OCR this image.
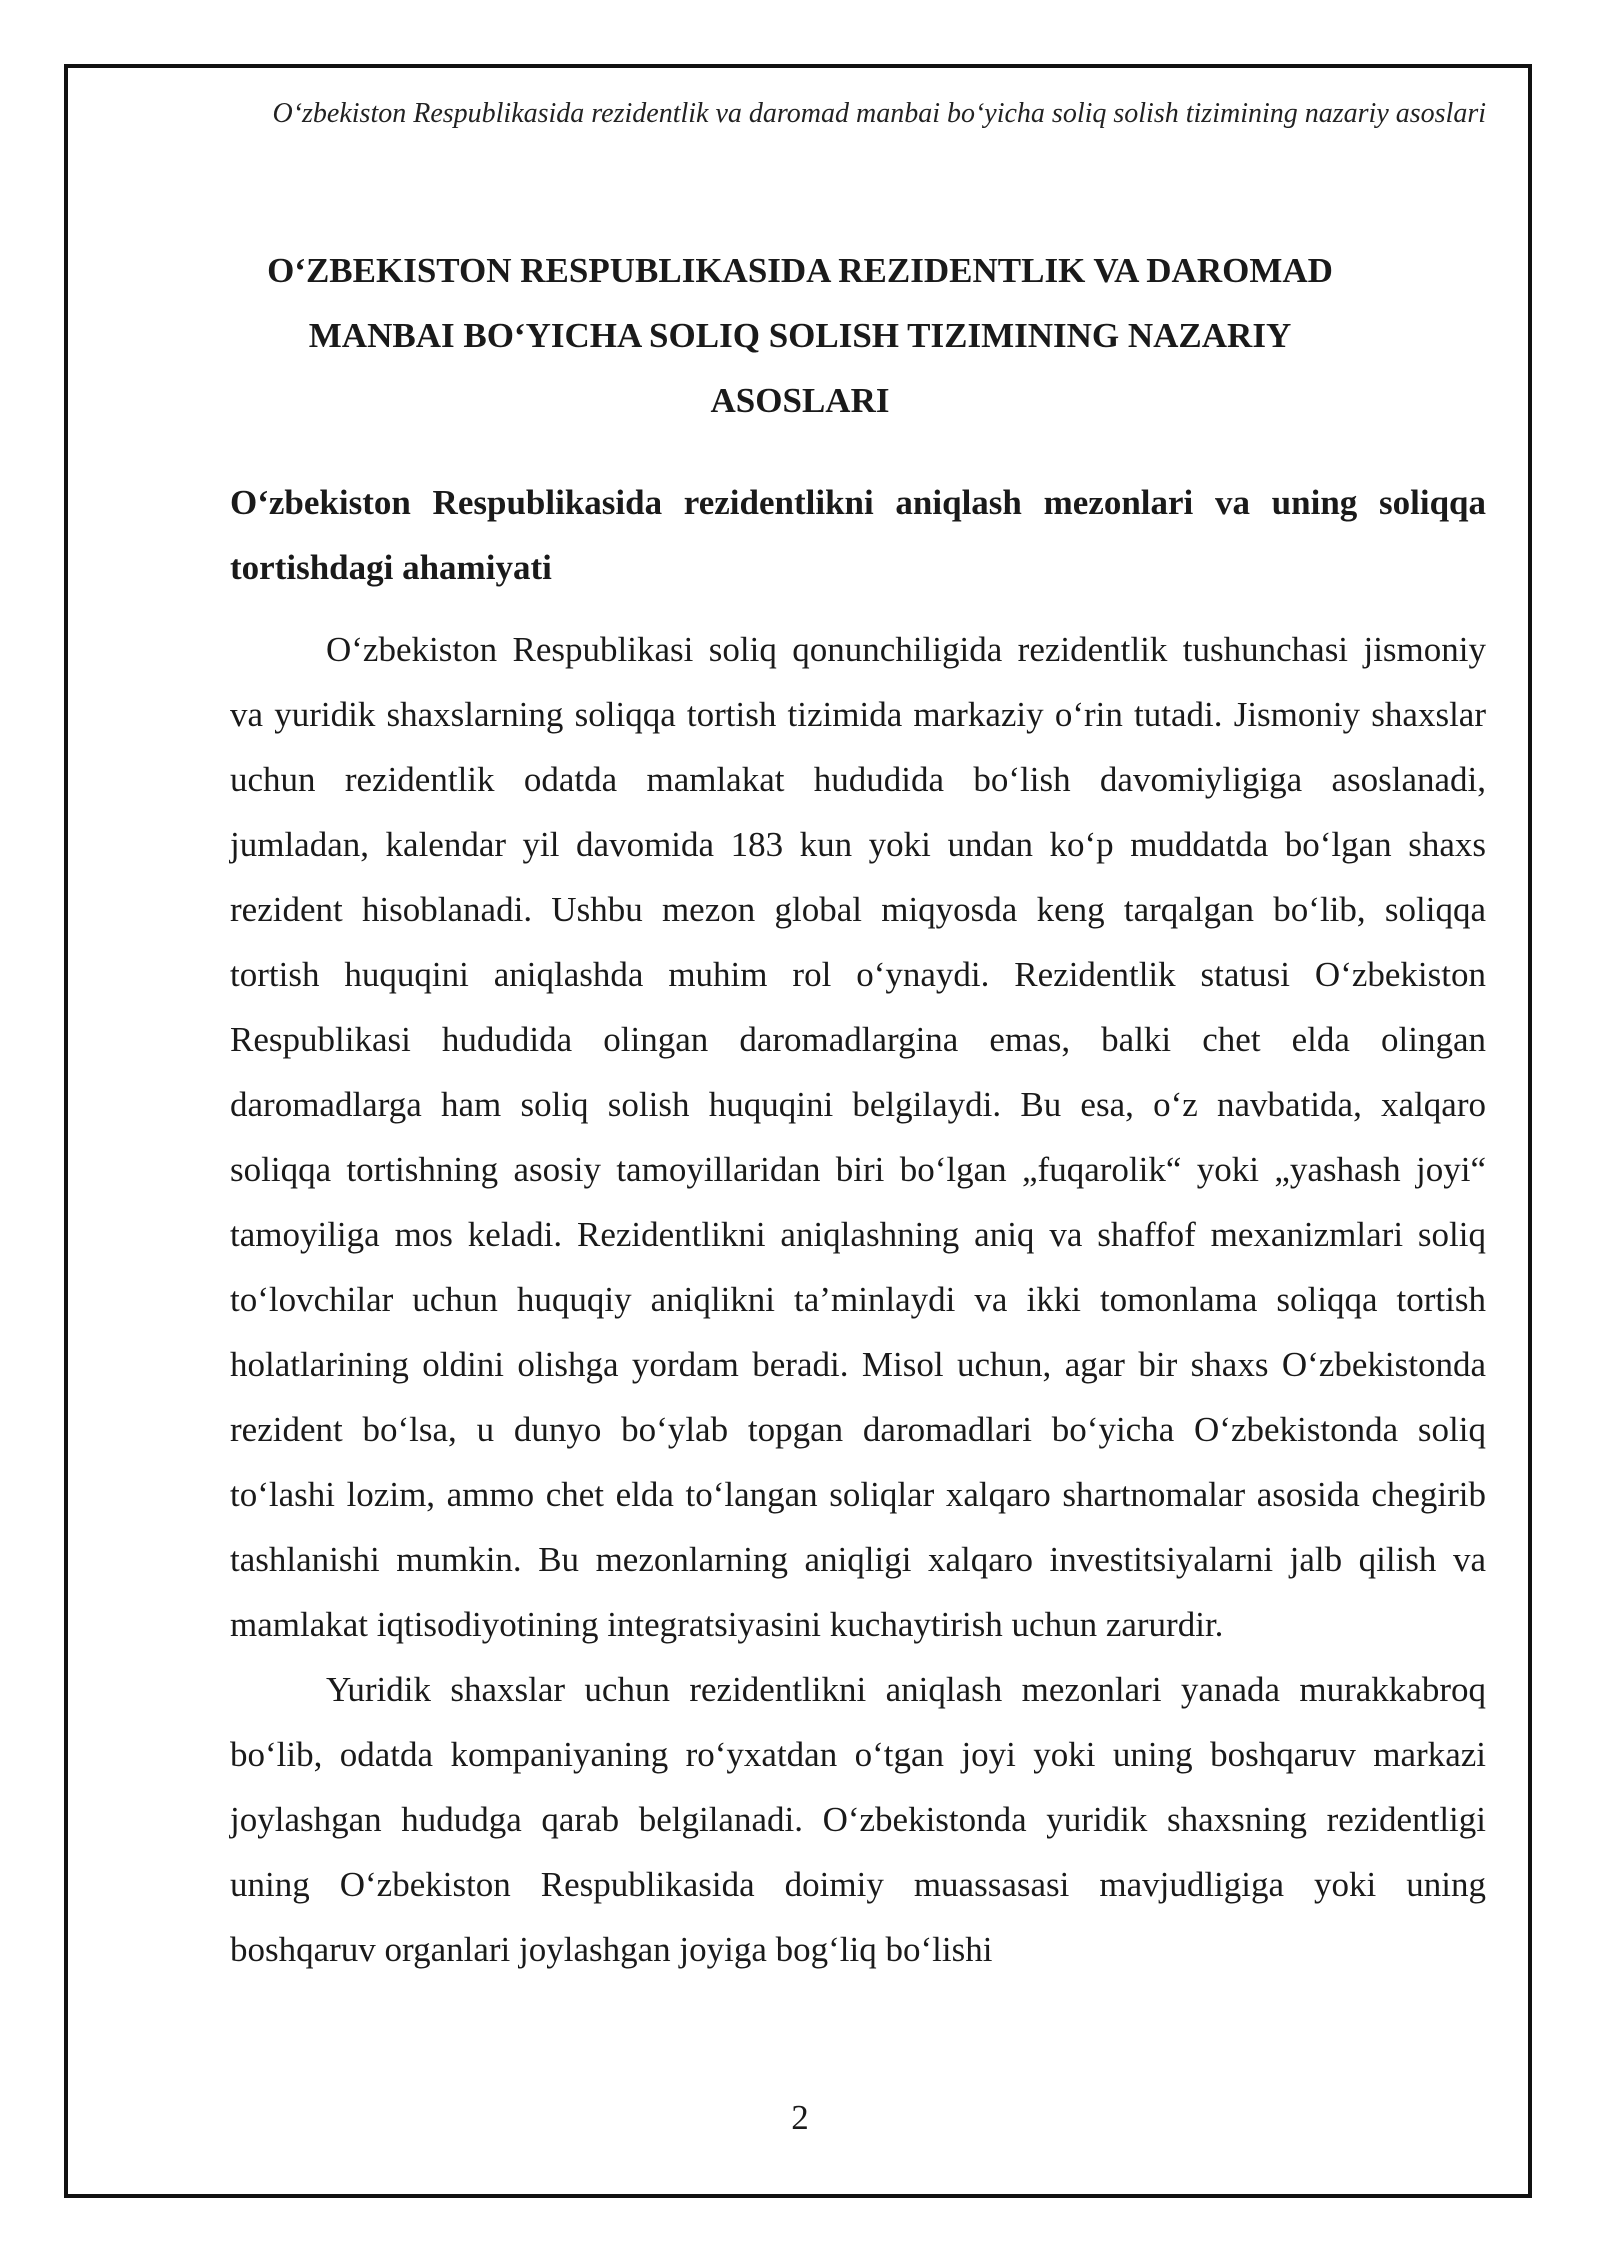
O‘zbekiston Respublikasida rezidentlik va daromad manbai bo‘yicha soliq solish tizimining nazariy asoslari
O‘ZBEKISTON RESPUBLIKASIDA REZIDENTLIK VA DAROMAD MANBAI BO‘YICHA SOLIQ SOLISH TIZIMINING NAZARIY ASOSLARI
O‘zbekiston Respublikasida rezidentlikni aniqlash mezonlari va uning soliqqa tortishdagi ahamiyati

O‘zbekiston Respublikasi soliq qonunchiligida rezidentlik tushunchasi jismoniy va yuridik shaxslarning soliqqa tortish tizimida markaziy o‘rin tutadi. Jismoniy shaxslar uchun rezidentlik odatda mamlakat hududida bo‘lish davomiyligiga asoslanadi, jumladan, kalendar yil davomida 183 kun yoki undan ko‘p muddatda bo‘lgan shaxs rezident hisoblanadi. Ushbu mezon global miqyosda keng tarqalgan bo‘lib, soliqqa tortish huquqini aniqlashda muhim rol o‘ynaydi. Rezidentlik statusi O‘zbekiston Respublikasi hududida olingan daromadlargina emas, balki chet elda olingan daromadlarga ham soliq solish huquqini belgilaydi. Bu esa, o‘z navbatida, xalqaro soliqqa tortishning asosiy tamoyillaridan biri bo‘lgan „fuqarolik“ yoki „yashash joyi“ tamoyiliga mos keladi. Rezidentlikni aniqlashning aniq va shaffof mexanizmlari soliq to‘lovchilar uchun huquqiy aniqlikni ta’minlaydi va ikki tomonlama soliqqa tortish holatlarining oldini olishga yordam beradi. Misol uchun, agar bir shaxs O‘zbekistonda rezident bo‘lsa, u dunyo bo‘ylab topgan daromadlari bo‘yicha O‘zbekistonda soliq to‘lashi lozim, ammo chet elda to‘langan soliqlar xalqaro shartnomalar asosida chegirib tashlanishi mumkin. Bu mezonlarning aniqligi xalqaro investitsiyalarni jalb qilish va mamlakat iqtisodiyotining integratsiyasini kuchaytirish uchun zarurdir.

Yuridik shaxslar uchun rezidentlikni aniqlash mezonlari yanada murakkabroq bo‘lib, odatda kompaniyaning ro‘yxatdan o‘tgan joyi yoki uning boshqaruv markazi joylashgan hududga qarab belgilanadi. O‘zbekistonda yuridik shaxsning rezidentligi uning O‘zbekiston Respublikasida doimiy muassasasi mavjudligiga yoki uning boshqaruv organlari joylashgan joyiga bog‘liq bo‘lishi

2
